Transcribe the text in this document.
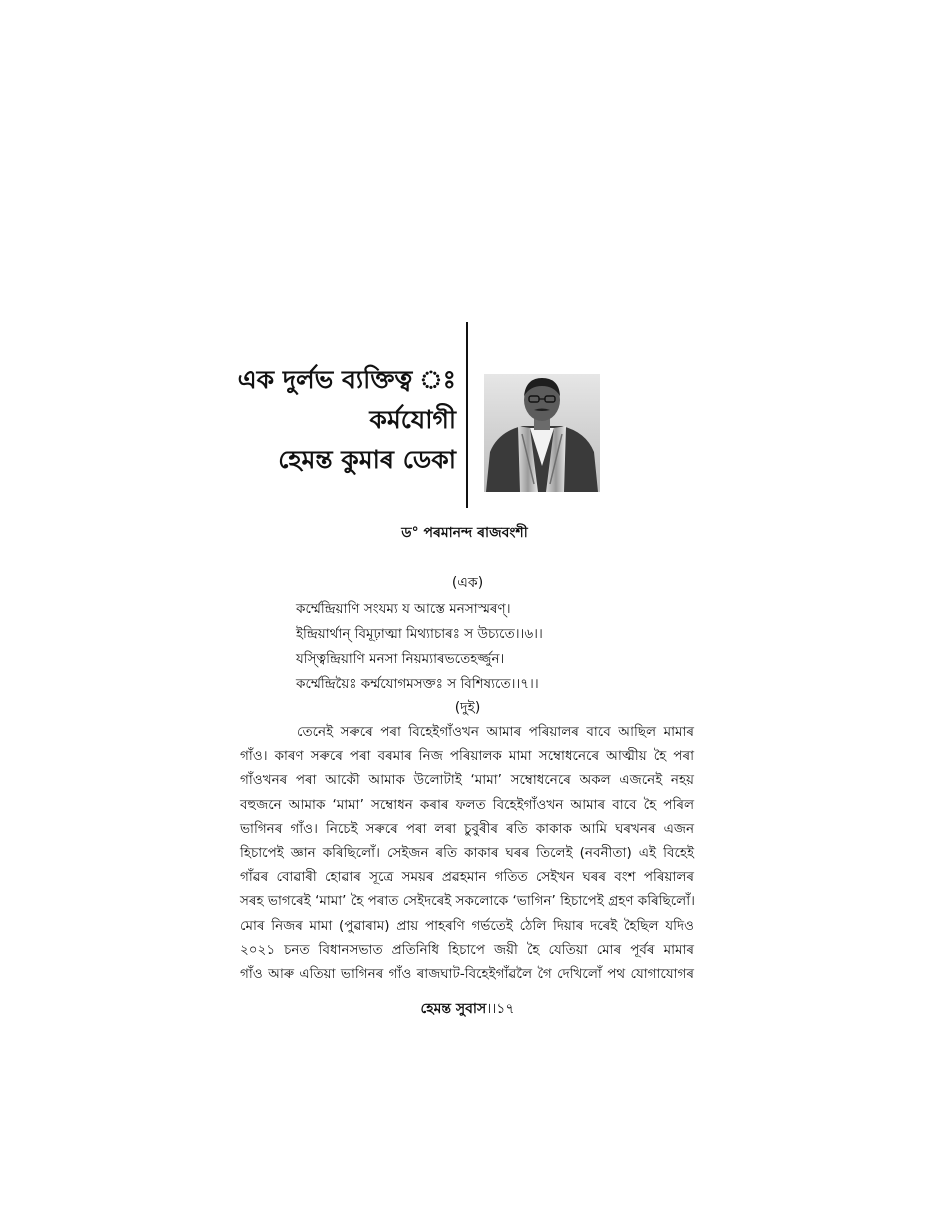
এক দুৰ্লভ ব্যক্তিত্ব ঃ
কৰ্মযোগী
হেমন্ত কুমাৰ ডেকা
ড° পৰমানন্দ ৰাজবংশী
(এক)
কৰ্ম্মেন্দ্ৰিয়াণি সংযম্য য আস্তে মনসাস্মৰণ্।
ইন্দ্ৰিয়াৰ্থান্ বিমূঢ়াত্মা মিথ্যাচাৰঃ স উচ্যতে।।৬।।
যস্ত্বিন্দ্ৰিয়াণি মনসা নিয়ম্যাৰভতেহৰ্জ্জুন।
কৰ্ম্মেন্দ্ৰিয়ৈঃ কৰ্ম্মযোগমসক্তঃ স বিশিষ্যতে।।৭।।
(দুই)
তেনেই সৰুৰে পৰা বিহেইগাঁওখন আমাৰ পৰিয়ালৰ বাবে আছিল মামাৰ
গাঁও। কাৰণ সৰুৰে পৰা বৰমাৰ নিজ পৰিয়ালক মামা সম্বোধনেৰে আত্মীয় হৈ পৰা
গাঁওখনৰ পৰা আকৌ আমাক উলোটাই ‘মামা’ সম্বোধনেৰে অকল এজনেই নহয়
বহুজনে আমাক ‘মামা’ সম্বোধন কৰাৰ ফলত বিহেইগাঁওখন আমাৰ বাবে হৈ পৰিল
ভাগিনৰ গাঁও। নিচেই সৰুৰে পৰা লৰা চুবুৰীৰ ৰতি কাকাক আমি ঘৰখনৰ এজন
হিচাপেই জ্ঞান কৰিছিলোঁ। সেইজন ৰতি কাকাৰ ঘৰৰ তিলেই (নবনীতা) এই বিহেই
গাঁৱৰ বোৱাৰী হোৱাৰ সূত্ৰে সময়ৰ প্ৰৱহমান গতিত সেইখন ঘৰৰ বংশ পৰিয়ালৰ
সৰহ ভাগৰেই ‘মামা’ হৈ পৰাত সেইদৰেই সকলোকে ‘ভাগিন’ হিচাপেই গ্ৰহণ কৰিছিলোঁ।
মোৰ নিজৰ মামা (পুৱাৰাম) প্ৰায় পাহৰণি গৰ্ভতেই ঠেলি দিয়াৰ দৰেই হৈছিল যদিও
২০২১ চনত বিধানসভাত প্ৰতিনিধি হিচাপে জয়ী হৈ যেতিয়া মোৰ পূৰ্বৰ মামাৰ
গাঁও আৰু এতিয়া ভাগিনৰ গাঁও ৰাজঘাট-বিহেইগাঁৱলৈ গৈ দেখিলোঁ পথ যোগাযোগৰ
হেমন্ত সুবাস।।১৭
